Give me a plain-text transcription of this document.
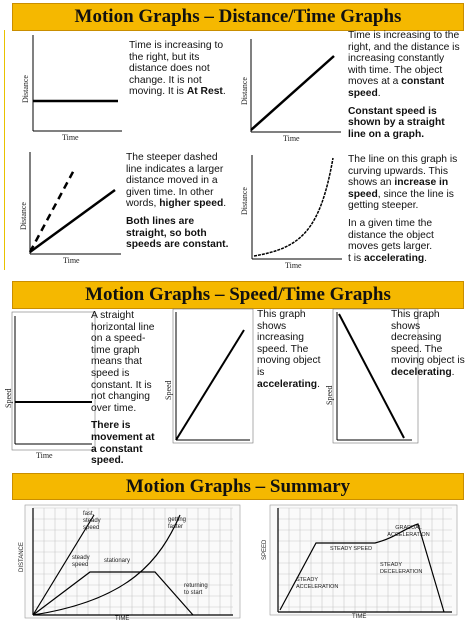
Motion Graphs – Distance/Time Graphs
Motion Graphs – Speed/Time Graphs
Motion Graphs – Summary
Time
Distance
Time
Distance
Time
Distance
Time
Distance
Time
Speed	Speed	Speed
TIME
DISTANCE
TIME
SPEED
fast, steady speed
getting faster
steady speed
stationary
returning to start
GRADUAL ACCELERATION
STEADY SPEED
STEADY ACCELERATION
STEADY DECELERATION
Time is increasing to the right, but its distance does not change. It is not moving. It is At Rest.

Time is increasing to the right, and the distance is increasing constantly with time. The object moves at a constant speed.

Constant speed is shown by a straight line on a graph.

The steeper dashed line indicates a larger distance moved in a given time. In other words, higher speed.

Both lines are straight, so both speeds are constant.

The line on this graph is curving upwards. This shows an increase in speed, since the line is getting steeper.

In a given time the distance the object moves gets larger.
t is accelerating.

A straight horizontal line on a speed-time graph means that speed is constant. It is not changing over time.

There is movement at a constant speed.

This graph shows increasing speed. The moving object is accelerating.
This graph shows decreasing speed. The moving object is decelerating.
